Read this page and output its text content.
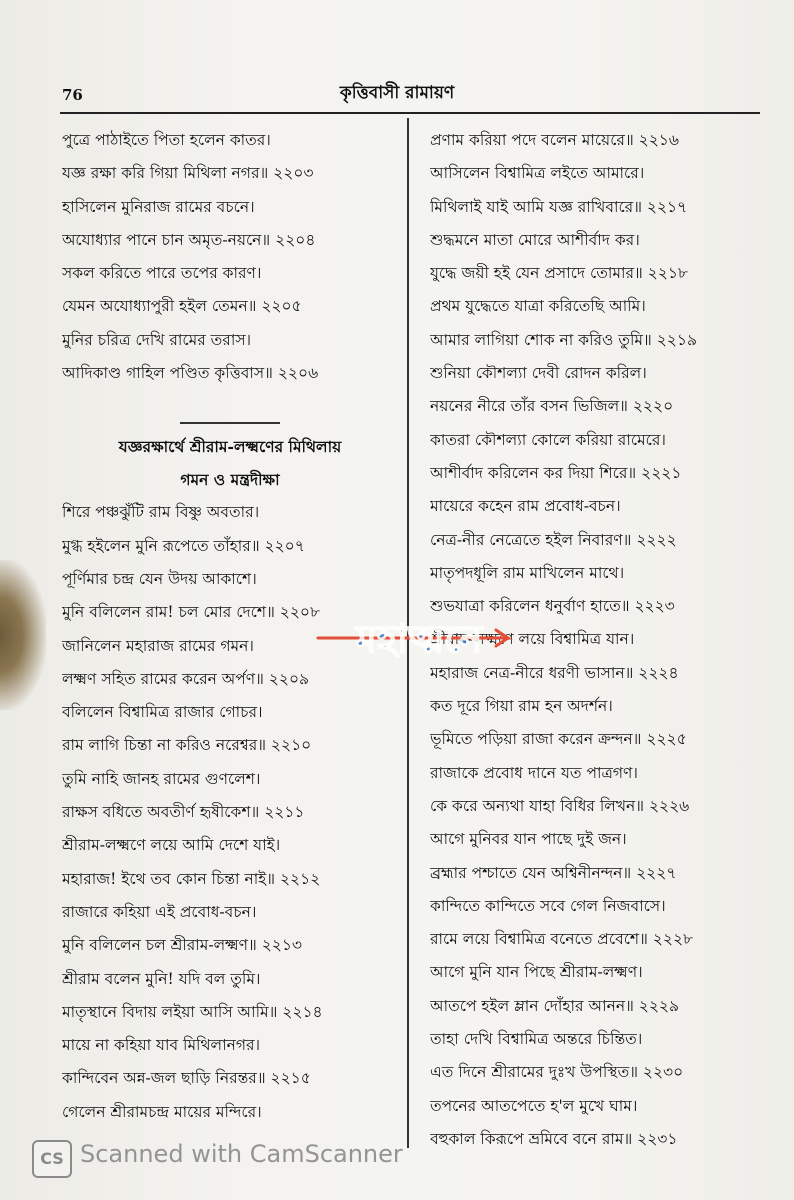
76	কৃত্তিবাসী রামায়ণ
পুত্রে পাঠাইতে পিতা হলেন কাতর।
যজ্ঞ রক্ষা করি গিয়া মিথিলা নগর॥ ২২০৩
হাসিলেন মুনিরাজ রামের বচনে।
অযোধ্যার পানে চান অমৃত-নয়নে॥ ২২০৪
সকল করিতে পারে তপের কারণ।
যেমন অযোধ্যাপুরী হইল তেমন॥ ২২০৫
মুনির চরিত্র দেখি রামের তরাস।
আদিকাণ্ড গাহিল পণ্ডিত কৃত্তিবাস॥ ২২০৬
যজ্ঞরক্ষার্থে শ্রীরাম-লক্ষ্মণের মিথিলায়
গমন ও মন্ত্রদীক্ষা
শিরে পঞ্চঝুঁটি রাম বিষ্ণু অবতার।
মুগ্ধ হইলেন মুনি রূপেতে তাঁহার॥ ২২০৭
পূর্ণিমার চন্দ্র যেন উদয় আকাশে।
মুনি বলিলেন রাম! চল মোর দেশে॥ ২২০৮
জানিলেন মহারাজ রামের গমন।
লক্ষ্মণ সহিত রামের করেন অর্পণ॥ ২২০৯
বলিলেন বিশ্বামিত্র রাজার গোচর।
রাম লাগি চিন্তা না করিও নরেশ্বর॥ ২২১০
তুমি নাহি জানহ রামের গুণলেশ।
রাক্ষস বধিতে অবতীর্ণ হৃষীকেশ॥ ২২১১
শ্রীরাম-লক্ষ্মণে লয়ে আমি দেশে যাই।
মহারাজ! ইথে তব কোন চিন্তা নাই॥ ২২১২
রাজারে কহিয়া এই প্রবোধ-বচন।
মুনি বলিলেন চল শ্রীরাম-লক্ষ্মণ॥ ২২১৩
শ্রীরাম বলেন মুনি! যদি বল তুমি।
মাতৃস্থানে বিদায় লইয়া আসি আমি॥ ২২১৪
মায়ে না কহিয়া যাব মিথিলানগর।
কান্দিবেন অন্ন-জল ছাড়ি নিরন্তর॥ ২২১৫
গেলেন শ্রীরামচন্দ্র মায়ের মন্দিরে।
প্রণাম করিয়া পদে বলেন মায়েরে॥ ২২১৬
আসিলেন বিশ্বামিত্র লইতে আমারে।
মিথিলাই যাই আমি যজ্ঞ রাখিবারে॥ ২২১৭
শুদ্ধমনে মাতা মোরে আশীর্বাদ কর।
যুদ্ধে জয়ী হই যেন প্রসাদে তোমার॥ ২২১৮
প্রথম যুদ্ধেতে যাত্রা করিতেছি আমি।
আমার লাগিয়া শোক না করিও তুমি॥ ২২১৯
শুনিয়া কৌশল্যা দেবী রোদন করিল।
নয়নের নীরে তাঁর বসন ভিজিল॥ ২২২০
কাতরা কৌশল্যা কোলে করিয়া রামেরে।
আশীর্বাদ করিলেন কর দিয়া শিরে॥ ২২২১
মায়েরে কহেন রাম প্রবোধ-বচন।
নেত্র-নীর নেত্রেতে হইল নিবারণ॥ ২২২২
মাতৃপদধূলি রাম মাখিলেন মাথে।
শুভযাত্রা করিলেন ধনুর্বাণ হাতে॥ ২২২৩
শ্রীরাম-লক্ষ্মণে লয়ে বিশ্বামিত্র যান।
মহারাজ নেত্র-নীরে ধরণী ভাসান॥ ২২২৪
কত দূরে গিয়া রাম হন অদর্শন।
ভূমিতে পড়িয়া রাজা করেন ক্রন্দন॥ ২২২৫
রাজাকে প্রবোধ দানে যত পাত্রগণ।
কে করে অন্যথা যাহা বিধির লিখন॥ ২২২৬
আগে মুনিবর যান পাছে দুই জন।
ব্রহ্মার পশ্চাতে যেন অশ্বিনীনন্দন॥ ২২২৭
কান্দিতে কান্দিতে সবে গেল নিজবাসে।
রামে লয়ে বিশ্বামিত্র বনেতে প্রবেশে॥ ২২২৮
আগে মুনি যান পিছে শ্রীরাম-লক্ষ্মণ।
আতপে হইল ম্লান দোঁহার আনন॥ ২২২৯
তাহা দেখি বিশ্বামিত্র অন্তরে চিন্তিত।
এত দিনে শ্রীরামের দুঃখ উপস্থিত॥ ২২৩০
তপনের আতপেতে হ'ল মুখে ঘাম।
বহুকাল কিরূপে ভ্রমিবে বনে রাম॥ ২২৩১
মহাত্মনে
CS Scanned with CamScanner
